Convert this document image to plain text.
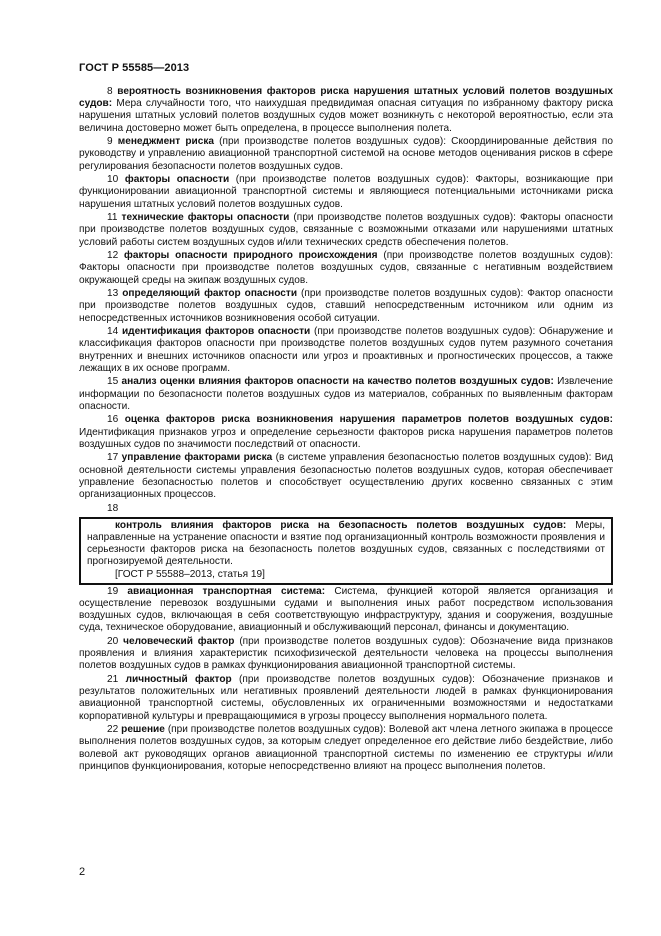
ГОСТ Р 55585—2013

8 вероятность возникновения факторов риска нарушения штатных условий полетов воздушных судов: Мера случайности того, что наихудшая предвидимая опасная ситуация по избранному фактору риска нарушения штатных условий полетов воздушных судов может возникнуть с некоторой вероятностью, если эта величина достоверно может быть определена, в процессе выполнения полета.

9 менеджмент риска (при производстве полетов воздушных судов): Скоординированные действия по руководству и управлению авиационной транспортной системой на основе методов оценивания рисков в сфере регулирования безопасности полетов воздушных судов.

10 факторы опасности (при производстве полетов воздушных судов): Факторы, возникающие при функционировании авиационной транспортной системы и являющиеся потенциальными источниками риска нарушения штатных условий полетов воздушных судов.

11 технические факторы опасности (при производстве полетов воздушных судов): Факторы опасности при производстве полетов воздушных судов, связанные с возможными отказами или нарушениями штатных условий работы систем воздушных судов и/или технических средств обеспечения полетов.

12 факторы опасности природного происхождения (при производстве полетов воздушных судов): Факторы опасности при производстве полетов воздушных судов, связанные с негативным воздействием окружающей среды на экипаж воздушных судов.

13 определяющий фактор опасности (при производстве полетов воздушных судов): Фактор опасности при производстве полетов воздушных судов, ставший непосредственным источником или одним из непосредственных источников возникновения особой ситуации.

14 идентификация факторов опасности (при производстве полетов воздушных судов): Обнаружение и классификация факторов опасности при производстве полетов воздушных судов путем разумного сочетания внутренних и внешних источников опасности или угроз и проактивных и прогностических процессов, а также лежащих в их основе программ.

15 анализ оценки влияния факторов опасности на качество полетов воздушных судов: Извлечение информации по безопасности полетов воздушных судов из материалов, собранных по выявленным факторам опасности.

16 оценка факторов риска возникновения нарушения параметров полетов воздушных судов: Идентификация признаков угроз и определение серьезности факторов риска нарушения параметров полетов воздушных судов по значимости последствий от опасности.

17 управление факторами риска (в системе управления безопасностью полетов воздушных судов): Вид основной деятельности системы управления безопасностью полетов воздушных судов, которая обеспечивает управление безопасностью полетов и способствует осуществлению других косвенно связанных с этим организационных процессов.

18

контроль влияния факторов риска на безопасность полетов воздушных судов: Меры, направленные на устранение опасности и взятие под организационный контроль возможности проявления и серьезности факторов риска на безопасность полетов воздушных судов, связанных с последствиями от прогнозируемой деятельности.

[ГОСТ Р 55588–2013, статья 19]

19 авиационная транспортная система: Система, функцией которой является организация и осуществление перевозок воздушными судами и выполнения иных работ посредством использования воздушных судов, включающая в себя соответствующую инфраструктуру, здания и сооружения, воздушные суда, техническое оборудование, авиационный и обслуживающий персонал, финансы и документацию.

20 человеческий фактор (при производстве полетов воздушных судов): Обозначение вида признаков проявления и влияния характеристик психофизической деятельности человека на процессы выполнения полетов воздушных судов в рамках функционирования авиационной транспортной системы.

21 личностный фактор (при производстве полетов воздушных судов): Обозначение признаков и результатов положительных или негативных проявлений деятельности людей в рамках функционирования авиационной транспортной системы, обусловленных их ограниченными возможностями и недостатками корпоративной культуры и превращающимися в угрозы процессу выполнения нормального полета.

22 решение (при производстве полетов воздушных судов): Волевой акт члена летного экипажа в процессе выполнения полетов воздушных судов, за которым следует определенное его действие либо бездействие, либо волевой акт руководящих органов авиационной транспортной системы по изменению ее структуры и/или принципов функционирования, которые непосредственно влияют на процесс выполнения полетов.

2
